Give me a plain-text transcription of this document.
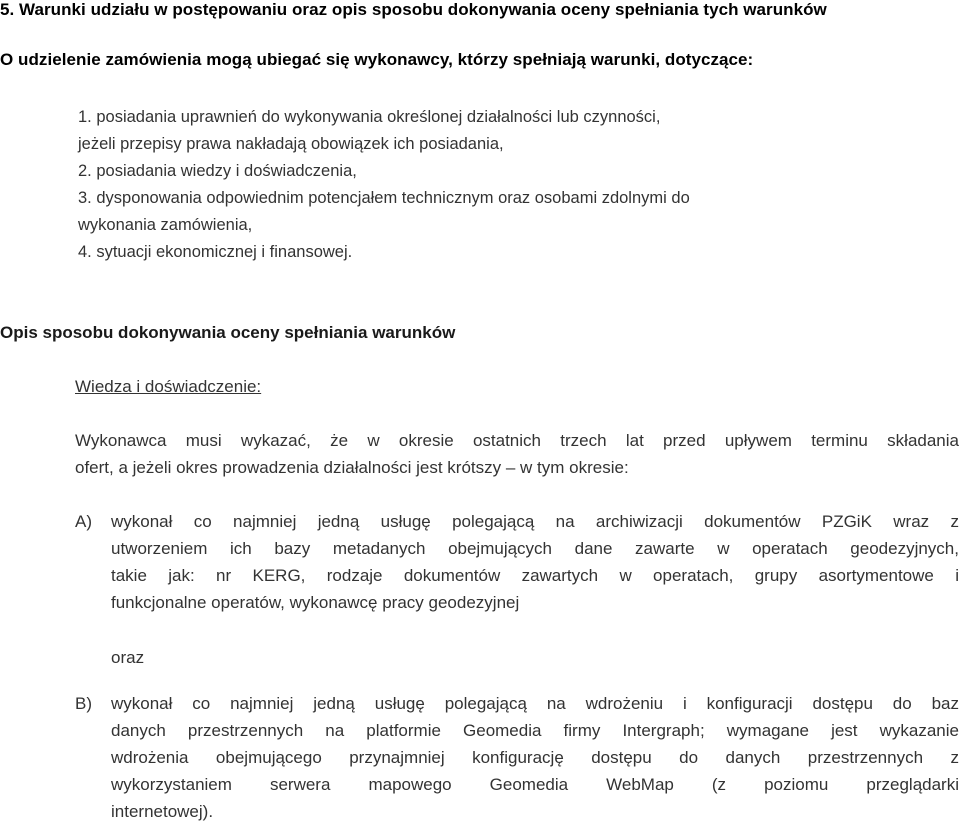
5. Warunki udziału w postępowaniu oraz opis sposobu dokonywania oceny spełniania tych warunków
O udzielenie zamówienia mogą ubiegać się wykonawcy, którzy spełniają warunki, dotyczące:
1. posiadania uprawnień do wykonywania określonej działalności lub czynności,
jeżeli przepisy prawa nakładają obowiązek ich posiadania,
2. posiadania wiedzy i doświadczenia,
3. dysponowania odpowiednim potencjałem technicznym oraz osobami zdolnymi do
wykonania zamówienia,
4. sytuacji ekonomicznej i finansowej.
Opis sposobu dokonywania oceny spełniania warunków
Wiedza i doświadczenie:
Wykonawca musi wykazać, że w okresie ostatnich trzech lat przed upływem terminu składania
ofert, a jeżeli okres prowadzenia działalności jest krótszy – w tym okresie:
A) wykonał co najmniej jedną usługę polegającą na archiwizacji dokumentów PZGiK wraz z
utworzeniem ich bazy metadanych obejmujących dane zawarte w operatach geodezyjnych,
takie jak: nr KERG, rodzaje dokumentów zawartych w operatach, grupy asortymentowe i
funkcjonalne operatów, wykonawcę pracy geodezyjnej
oraz
B) wykonał co najmniej jedną usługę polegającą na wdrożeniu i konfiguracji dostępu do baz
danych przestrzennych na platformie Geomedia firmy Intergraph; wymagane jest wykazanie
wdrożenia obejmującego przynajmniej konfigurację dostępu do danych przestrzennych z
wykorzystaniem serwera mapowego Geomedia WebMap (z poziomu przeglądarki
internetowej).
